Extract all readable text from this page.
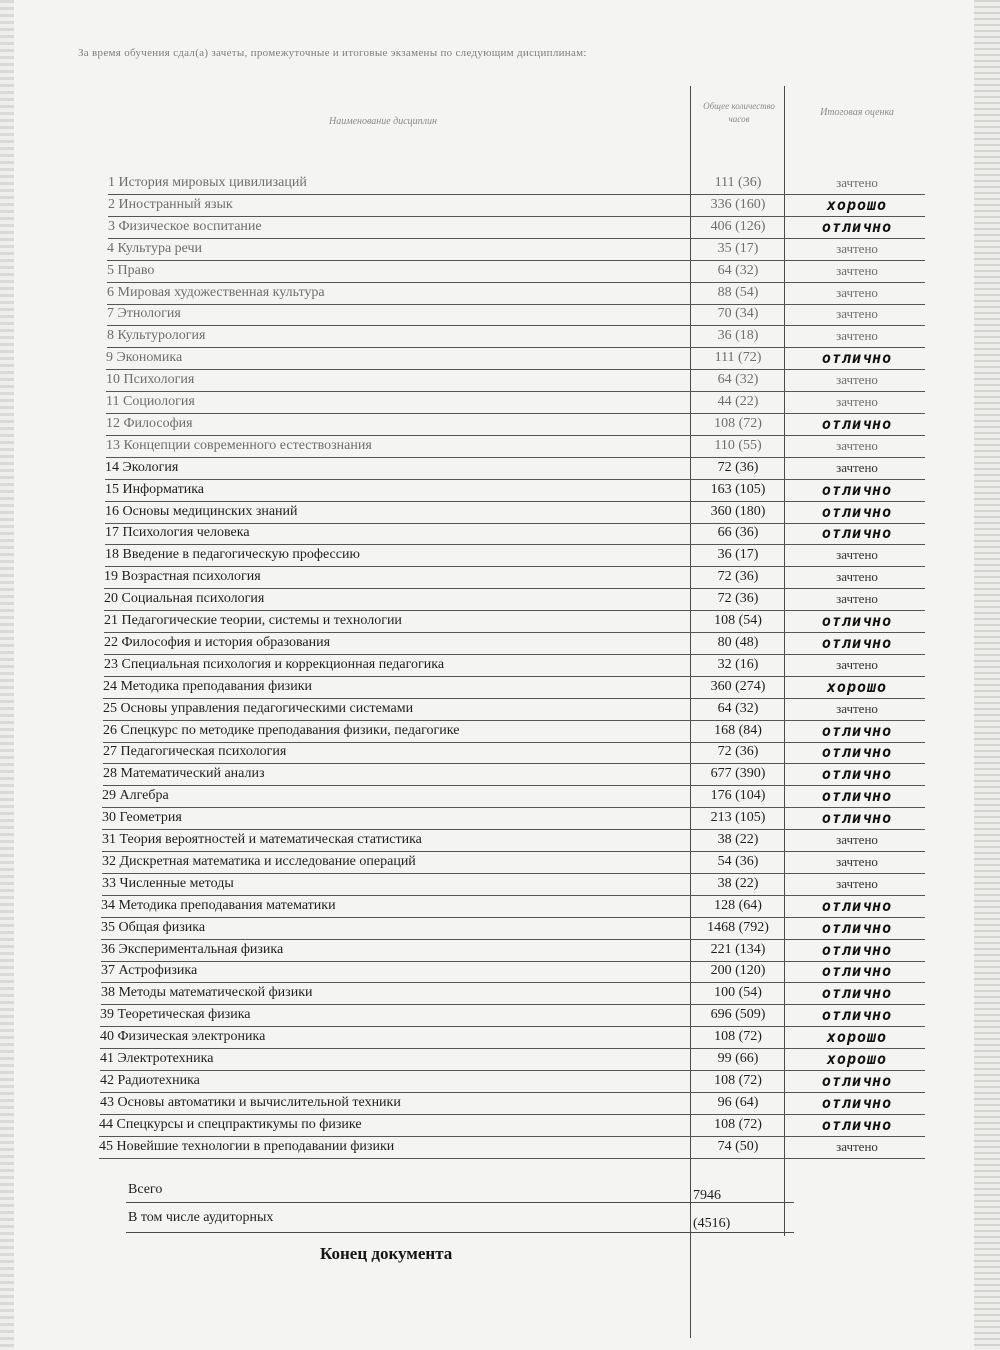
За время обучения сдал(а) зачеты, промежуточные и итоговые экзамены по следующим дисциплинам:
Наименование дисциплин
Общее количество часов
Итоговая оценка
1 История мировых цивилизаций	111 (36)	зачтено
2 Иностранный язык	336 (160)	хорошо
3 Физическое воспитание	406 (126)	отлично
4 Культура речи	35 (17)	зачтено
5 Право	64 (32)	зачтено
6 Мировая художественная культура	88 (54)	зачтено
7 Этнология	70 (34)	зачтено
8 Культурология	36 (18)	зачтено
9 Экономика	111 (72)	отлично
10 Психология	64 (32)	зачтено
11 Социология	44 (22)	зачтено
12 Философия	108 (72)	отлично
13 Концепции современного естествознания	110 (55)	зачтено
14 Экология	72 (36)	зачтено
15 Информатика	163 (105)	отлично
16 Основы медицинских знаний	360 (180)	отлично
17 Психология человека	66 (36)	отлично
18 Введение в педагогическую профессию	36 (17)	зачтено
19 Возрастная психология	72 (36)	зачтено
20 Социальная психология	72 (36)	зачтено
21 Педагогические теории, системы и технологии	108 (54)	отлично
22 Философия и история образования	80 (48)	отлично
23 Специальная психология и коррекционная педагогика	32 (16)	зачтено
24 Методика преподавания физики	360 (274)	хорошо
25 Основы управления педагогическими системами	64 (32)	зачтено
26 Спецкурс по методике преподавания физики, педагогике	168 (84)	отлично
27 Педагогическая психология	72 (36)	отлично
28 Математический анализ	677 (390)	отлично
29 Алгебра	176 (104)	отлично
30 Геометрия	213 (105)	отлично
31 Теория вероятностей и математическая статистика	38 (22)	зачтено
32 Дискретная математика и исследование операций	54 (36)	зачтено
33 Численные методы	38 (22)	зачтено
34 Методика преподавания математики	128 (64)	отлично
35 Общая физика	1468 (792)	отлично
36 Экспериментальная физика	221 (134)	отлично
37 Астрофизика	200 (120)	отлично
38 Методы математической физики	100 (54)	отлично
39 Теоретическая физика	696 (509)	отлично
40 Физическая электроника	108 (72)	хорошо
41 Электротехника	99 (66)	хорошо
42 Радиотехника	108 (72)	отлично
43 Основы автоматики и вычислительной техники	96 (64)	отлично
44 Спецкурсы и спецпрактикумы по физике	108 (72)	отлично
45 Новейшие технологии в преподавании физики	74 (50)	зачтено
Всего	7946
В том числе аудиторных	(4516)
Конец документа
